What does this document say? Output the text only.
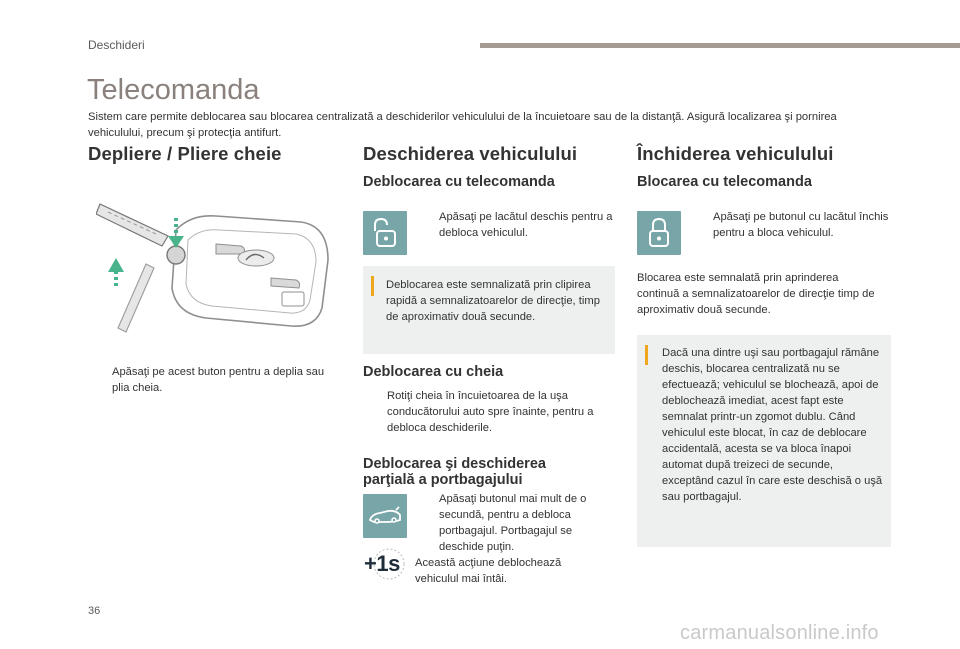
Deschideri
Telecomanda

Sistem care permite deblocarea sau blocarea centralizată a deschiderilor vehiculului de la încuietoare sau de la distanţă. Asigură localizarea şi pornirea vehiculului, precum şi protecţia antifurt.

Depliere / Pliere cheie
Apăsaţi pe acest buton pentru a deplia sau plia cheia.
Deschiderea vehiculului
Deblocarea cu telecomanda
Apăsaţi pe lacătul deschis pentru a debloca vehiculul.

Deblocarea este semnalizată prin clipirea rapidă a semnalizatoarelor de direcţie, timp de aproximativ două secunde.

Deblocarea cu cheia
Rotiţi cheia în încuietoarea de la uşa conducătorului auto spre înainte, pentru a debloca deschiderile.
Deblocarea şi deschiderea
parţială a portbagajului
Apăsaţi butonul mai mult de o secundă, pentru a debloca portbagajul. Portbagajul se deschide puţin.
+1s Această acţiune deblochează vehiculul mai întâi.

Închiderea vehiculului
Blocarea cu telecomanda
Apăsaţi pe butonul cu lacătul închis pentru a bloca vehiculul.

Blocarea este semnalată prin aprinderea continuă a semnalizatoarelor de direcţie timp de aproximativ două secunde.

Dacă una dintre uşi sau portbagajul rămâne deschis, blocarea centralizată nu se efectuează; vehiculul se blochează, apoi de deblochează imediat, acest fapt este semnalat printr-un zgomot dublu. Când vehiculul este blocat, în caz de deblocare accidentală, acesta se va bloca înapoi automat după treizeci de secunde, exceptând cazul în care este deschisă o uşă sau portbagajul.

36
carmanualsonline.info
